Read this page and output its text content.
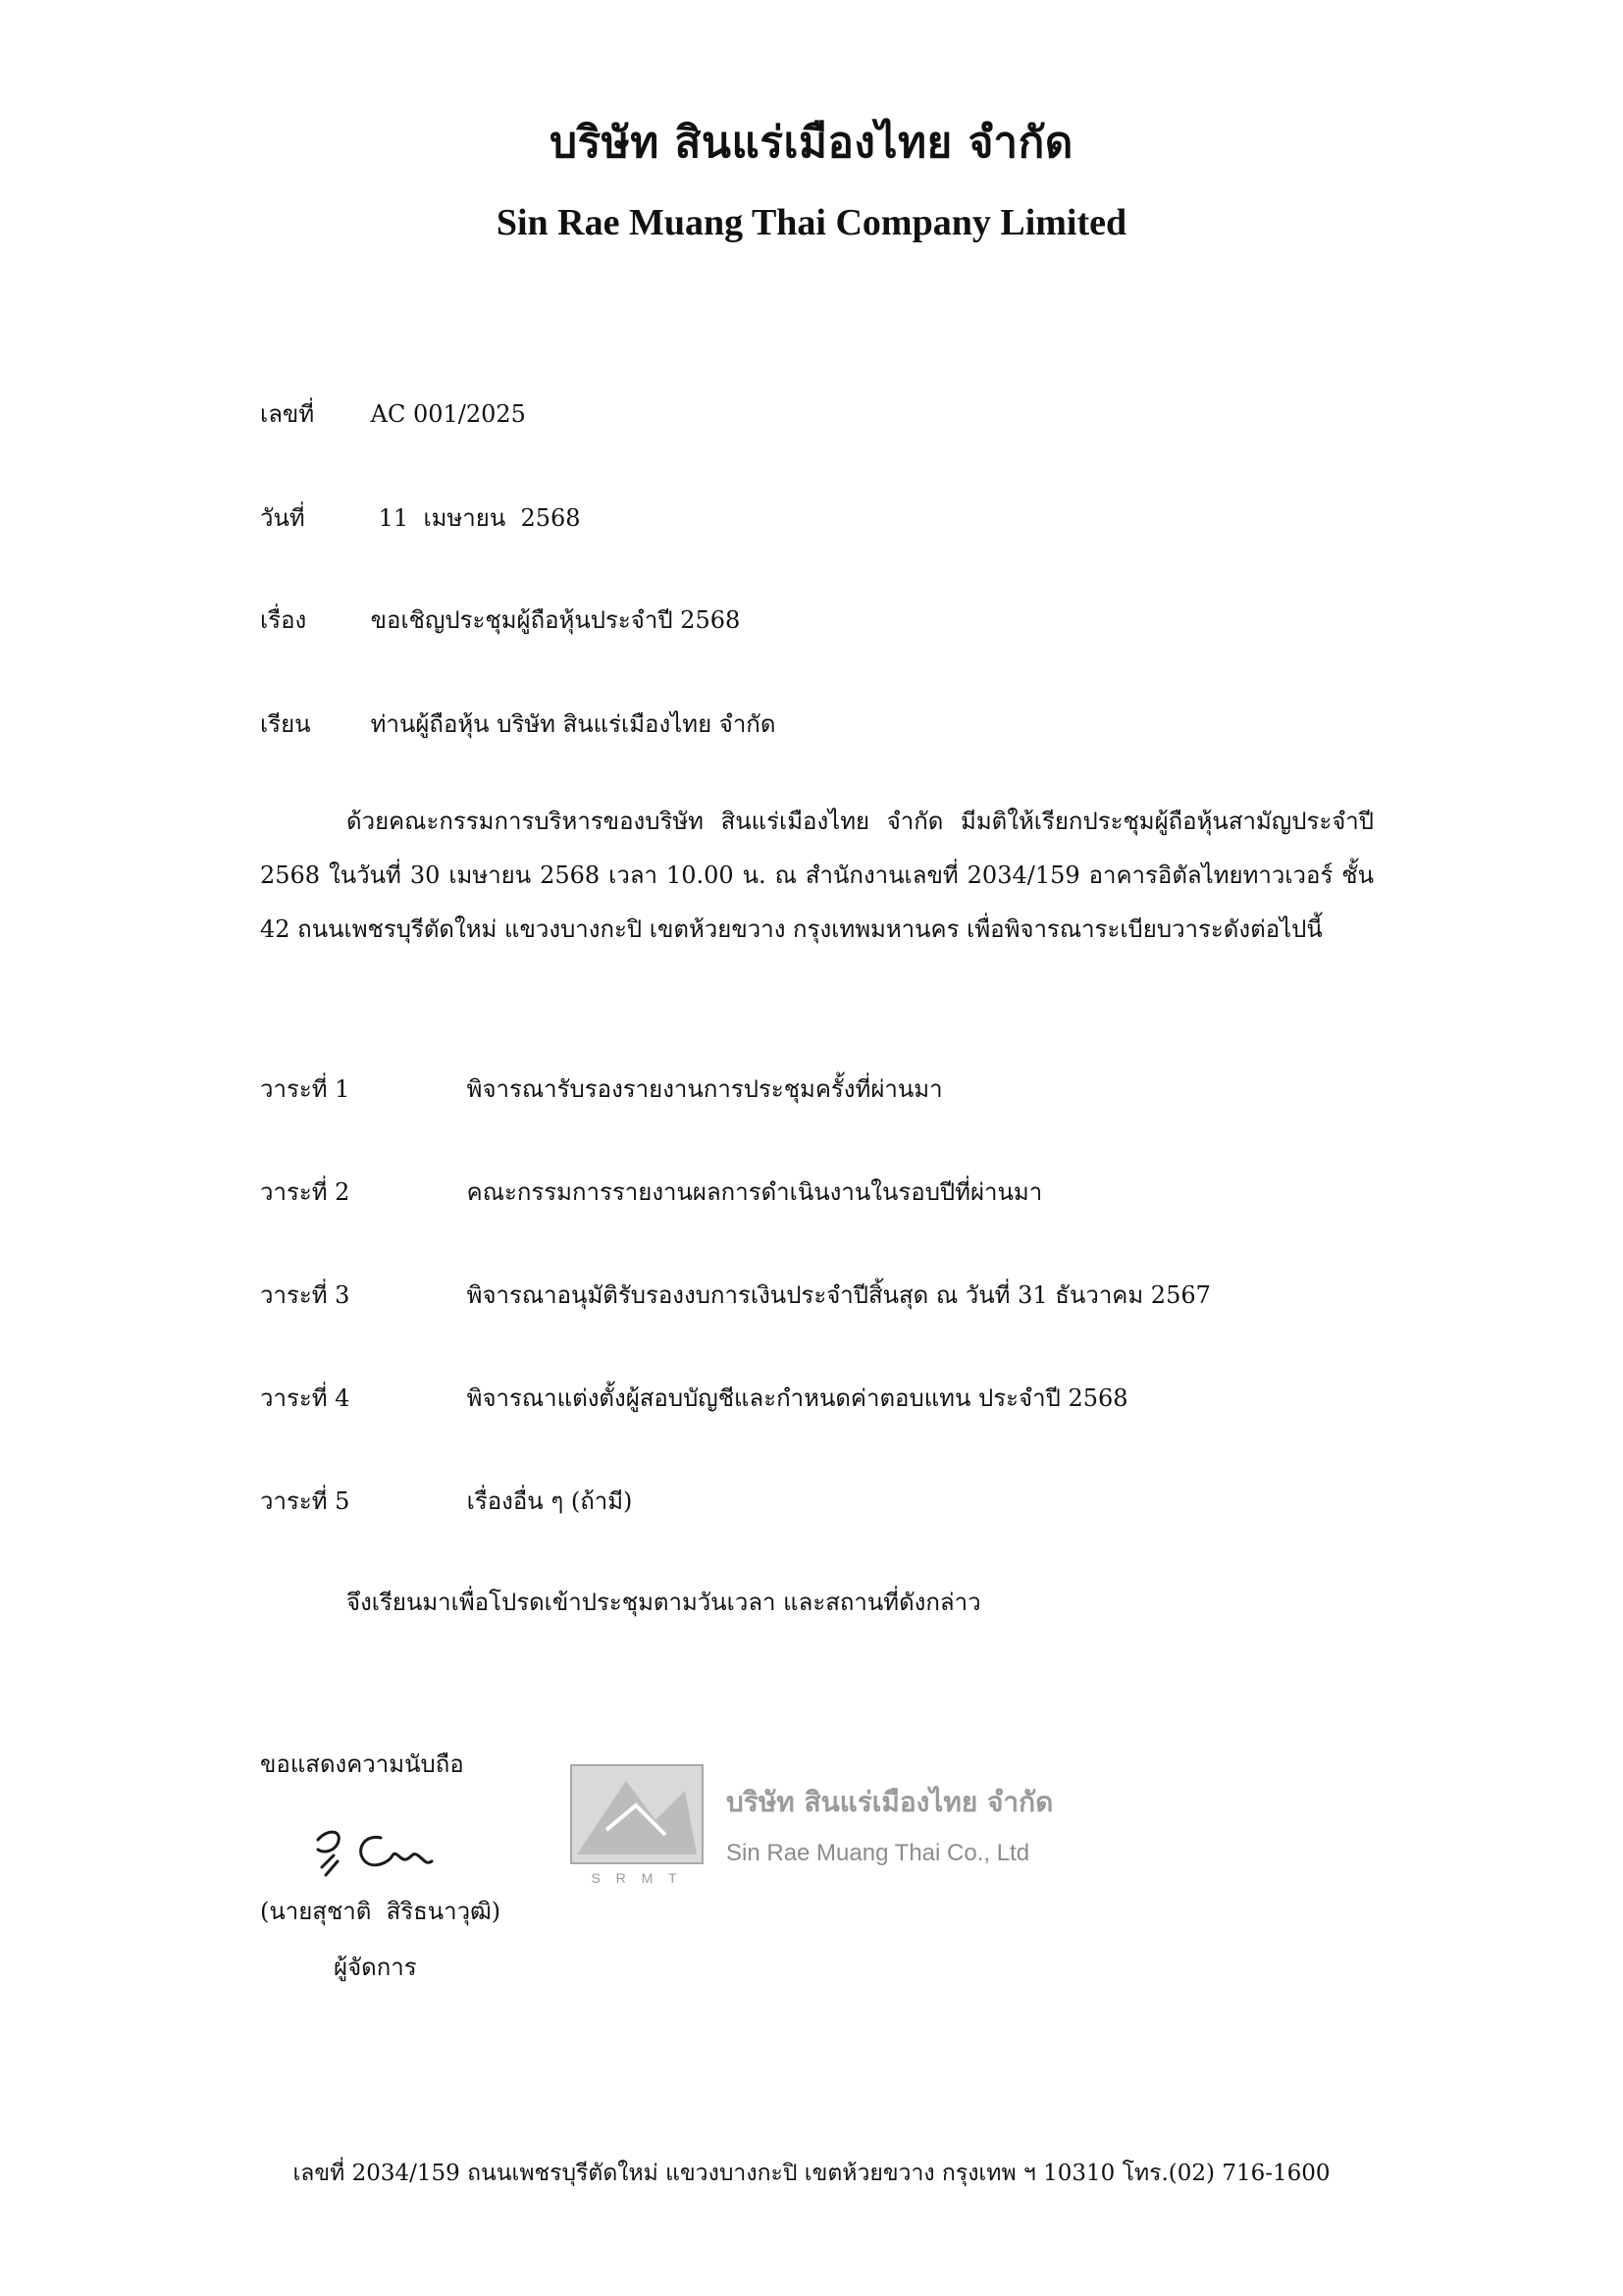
บริษัท สินแร่เมืองไทย จำกัด
Sin Rae Muang Thai Company Limited
เลขที่ AC 001/2025
วันที่	11  เมษายน  2568
เรื่อง	ขอเชิญประชุมผู้ถือหุ้นประจำปี 2568
เรียน	ท่านผู้ถือหุ้น บริษัท สินแร่เมืองไทย จำกัด
ด้วยคณะกรรมการบริหารของบริษัท สินแร่เมืองไทย จำกัด มีมติให้เรียกประชุมผู้ถือหุ้นสามัญประจำปี 2568 ในวันที่ 30 เมษายน 2568 เวลา 10.00 น. ณ สำนักงานเลขที่ 2034/159 อาคารอิตัลไทยทาวเวอร์ ชั้น 42 ถนนเพชรบุรีตัดใหม่ แขวงบางกะปิ เขตห้วยขวาง กรุงเทพมหานคร เพื่อพิจารณาระเบียบวาระดังต่อไปนี้
วาระที่ 1	พิจารณารับรองรายงานการประชุมครั้งที่ผ่านมา
วาระที่ 2	คณะกรรมการรายงานผลการดำเนินงานในรอบปีที่ผ่านมา
วาระที่ 3	พิจารณาอนุมัติรับรองงบการเงินประจำปีสิ้นสุด ณ วันที่ 31 ธันวาคม 2567
วาระที่ 4	พิจารณาแต่งตั้งผู้สอบบัญชีและกำหนดค่าตอบแทน ประจำปี 2568
วาระที่ 5	เรื่องอื่น ๆ (ถ้ามี)
จึงเรียนมาเพื่อโปรดเข้าประชุมตามวันเวลา และสถานที่ดังกล่าว
ขอแสดงความนับถือ
(นายสุชาติ  สิริธนาวุฒิ)
ผู้จัดการ
S R M T
บริษัท สินแร่เมืองไทย จำกัด
Sin Rae Muang Thai Co., Ltd
เลขที่ 2034/159 ถนนเพชรบุรีตัดใหม่ แขวงบางกะปิ เขตห้วยขวาง กรุงเทพ ฯ 10310 โทร.(02) 716-1600
